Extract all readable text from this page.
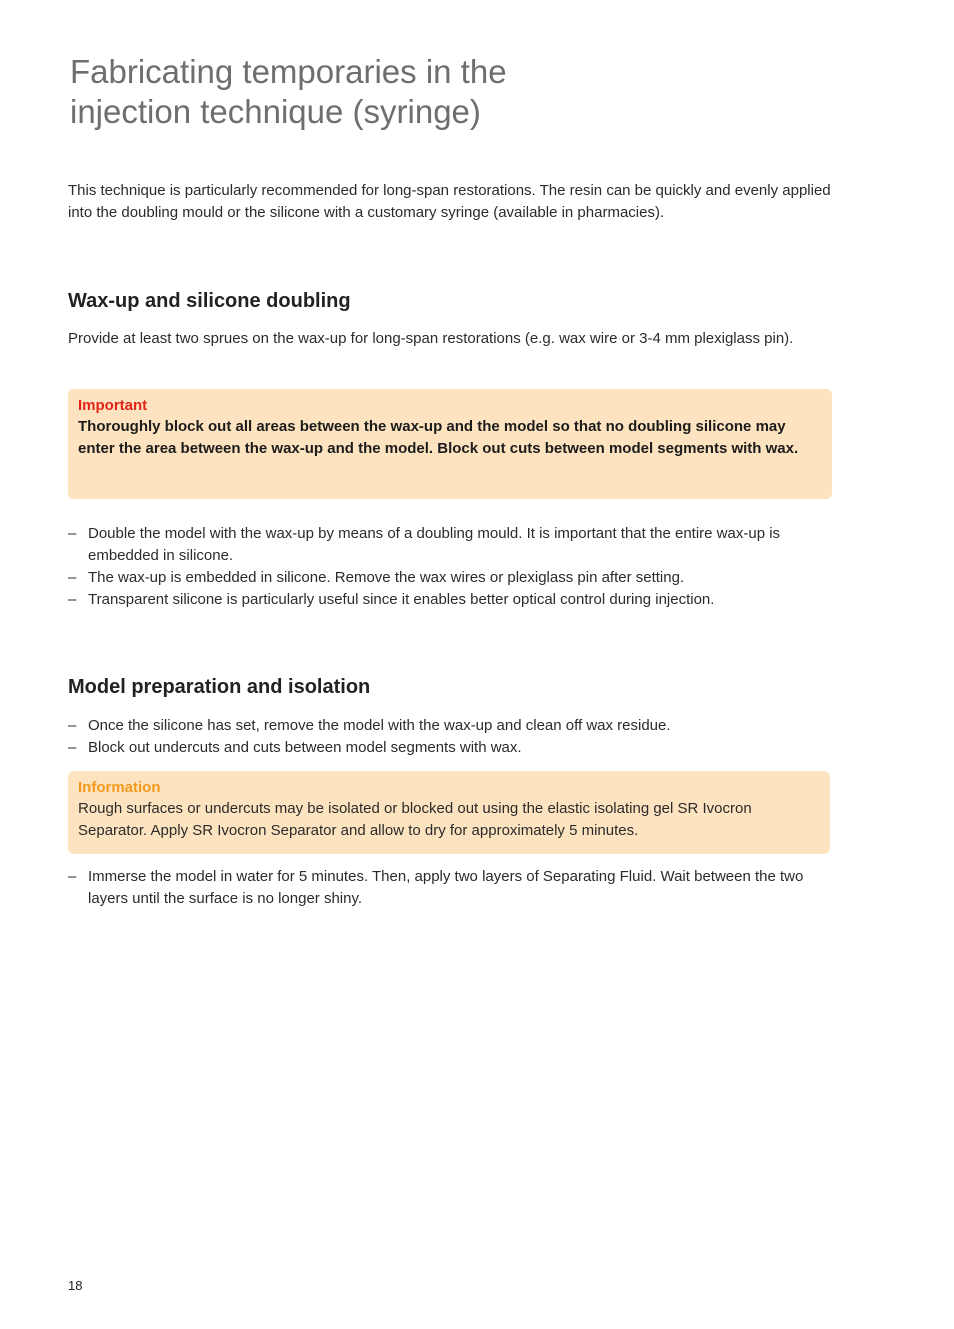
Fabricating temporaries in the
injection technique (syringe)

This technique is particularly recommended for long-span restorations. The resin can be quickly and evenly applied into the doubling mould or the silicone with a customary syringe (available in pharmacies).

Wax-up and silicone doubling

Provide at least two sprues on the wax-up for long-span restorations (e.g. wax wire or 3-4 mm plexiglass pin).

Important
Thoroughly block out all areas between the wax-up and the model so that no doubling silicone may enter the area between the wax-up and the model. Block out cuts between model segments with wax.
– Double the model with the wax-up by means of a doubling mould. It is important that the entire wax-up is embedded in silicone.
– The wax-up is embedded in silicone. Remove the wax wires or plexiglass pin after setting.
– Transparent silicone is particularly useful since it enables better optical control during injection.
Model preparation and isolation
– Once the silicone has set, remove the model with the wax-up and clean off wax residue.
– Block out undercuts and cuts between model segments with wax.
Information
Rough surfaces or undercuts may be isolated or blocked out using the elastic isolating gel SR Ivocron Separator. Apply SR Ivocron Separator and allow to dry for approximately 5 minutes.
– Immerse the model in water for 5 minutes. Then, apply two layers of Separating Fluid. Wait between the two layers until the surface is no longer shiny.
18
